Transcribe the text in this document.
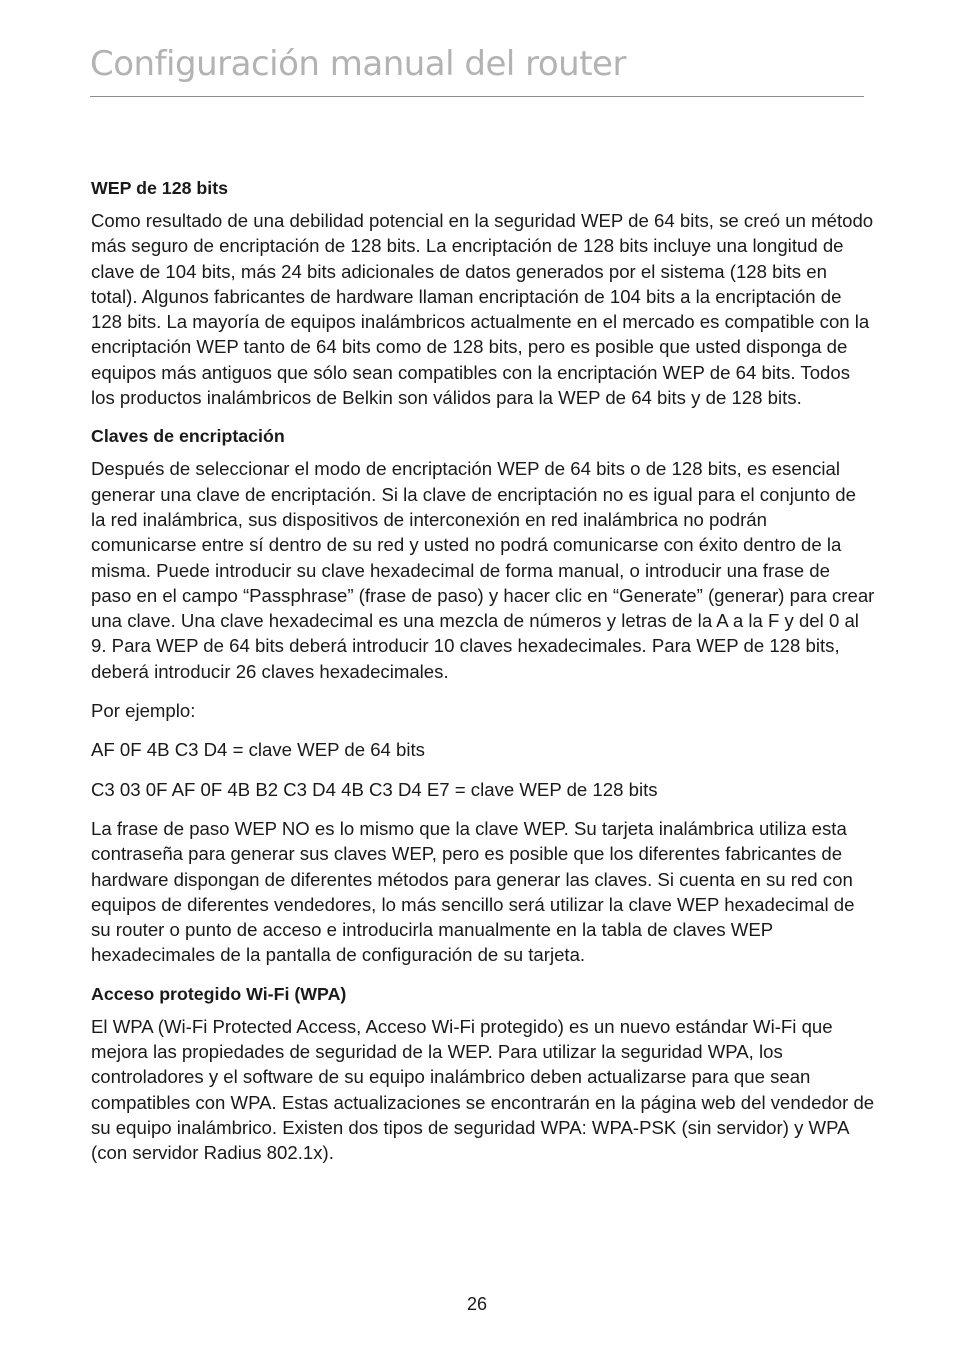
Configuración manual del router
WEP de 128 bits

Como resultado de una debilidad potencial en la seguridad WEP de 64 bits, se creó un método más seguro de encriptación de 128 bits. La encriptación de 128 bits incluye una longitud de clave de 104 bits, más 24 bits adicionales de datos generados por el sistema (128 bits en total). Algunos fabricantes de hardware llaman encriptación de 104 bits a la encriptación de 128 bits. La mayoría de equipos inalámbricos actualmente en el mercado es compatible con la encriptación WEP tanto de 64 bits como de 128 bits, pero es posible que usted disponga de equipos más antiguos que sólo sean compatibles con la encriptación WEP de 64 bits. Todos los productos inalámbricos de Belkin son válidos para la WEP de 64 bits y de 128 bits.

Claves de encriptación

Después de seleccionar el modo de encriptación WEP de 64 bits o de 128 bits, es esencial generar una clave de encriptación. Si la clave de encriptación no es igual para el conjunto de la red inalámbrica, sus dispositivos de interconexión en red inalámbrica no podrán comunicarse entre sí dentro de su red y usted no podrá comunicarse con éxito dentro de la misma. Puede introducir su clave hexadecimal de forma manual, o introducir una frase de paso en el campo “Passphrase” (frase de paso) y hacer clic en “Generate” (generar) para crear una clave. Una clave hexadecimal es una mezcla de números y letras de la A a la F y del 0 al 9. Para WEP de 64 bits deberá introducir 10 claves hexadecimales. Para WEP de 128 bits, deberá introducir 26 claves hexadecimales.

Por ejemplo:

AF 0F 4B C3 D4 = clave WEP de 64 bits

C3 03 0F AF 0F 4B B2 C3 D4 4B C3 D4 E7 = clave WEP de 128 bits

La frase de paso WEP NO es lo mismo que la clave WEP. Su tarjeta inalámbrica utiliza esta contraseña para generar sus claves WEP, pero es posible que los diferentes fabricantes de hardware dispongan de diferentes métodos para generar las claves. Si cuenta en su red con equipos de diferentes vendedores, lo más sencillo será utilizar la clave WEP hexadecimal de su router o punto de acceso e introducirla manualmente en la tabla de claves WEP hexadecimales de la pantalla de configuración de su tarjeta.

Acceso protegido Wi-Fi (WPA)

El WPA (Wi-Fi Protected Access, Acceso Wi-Fi protegido) es un nuevo estándar Wi-Fi que mejora las propiedades de seguridad de la WEP. Para utilizar la seguridad WPA, los controladores y el software de su equipo inalámbrico deben actualizarse para que sean compatibles con WPA. Estas actualizaciones se encontrarán en la página web del vendedor de su equipo inalámbrico. Existen dos tipos de seguridad WPA: WPA-PSK (sin servidor) y WPA (con servidor Radius 802.1x).

26
